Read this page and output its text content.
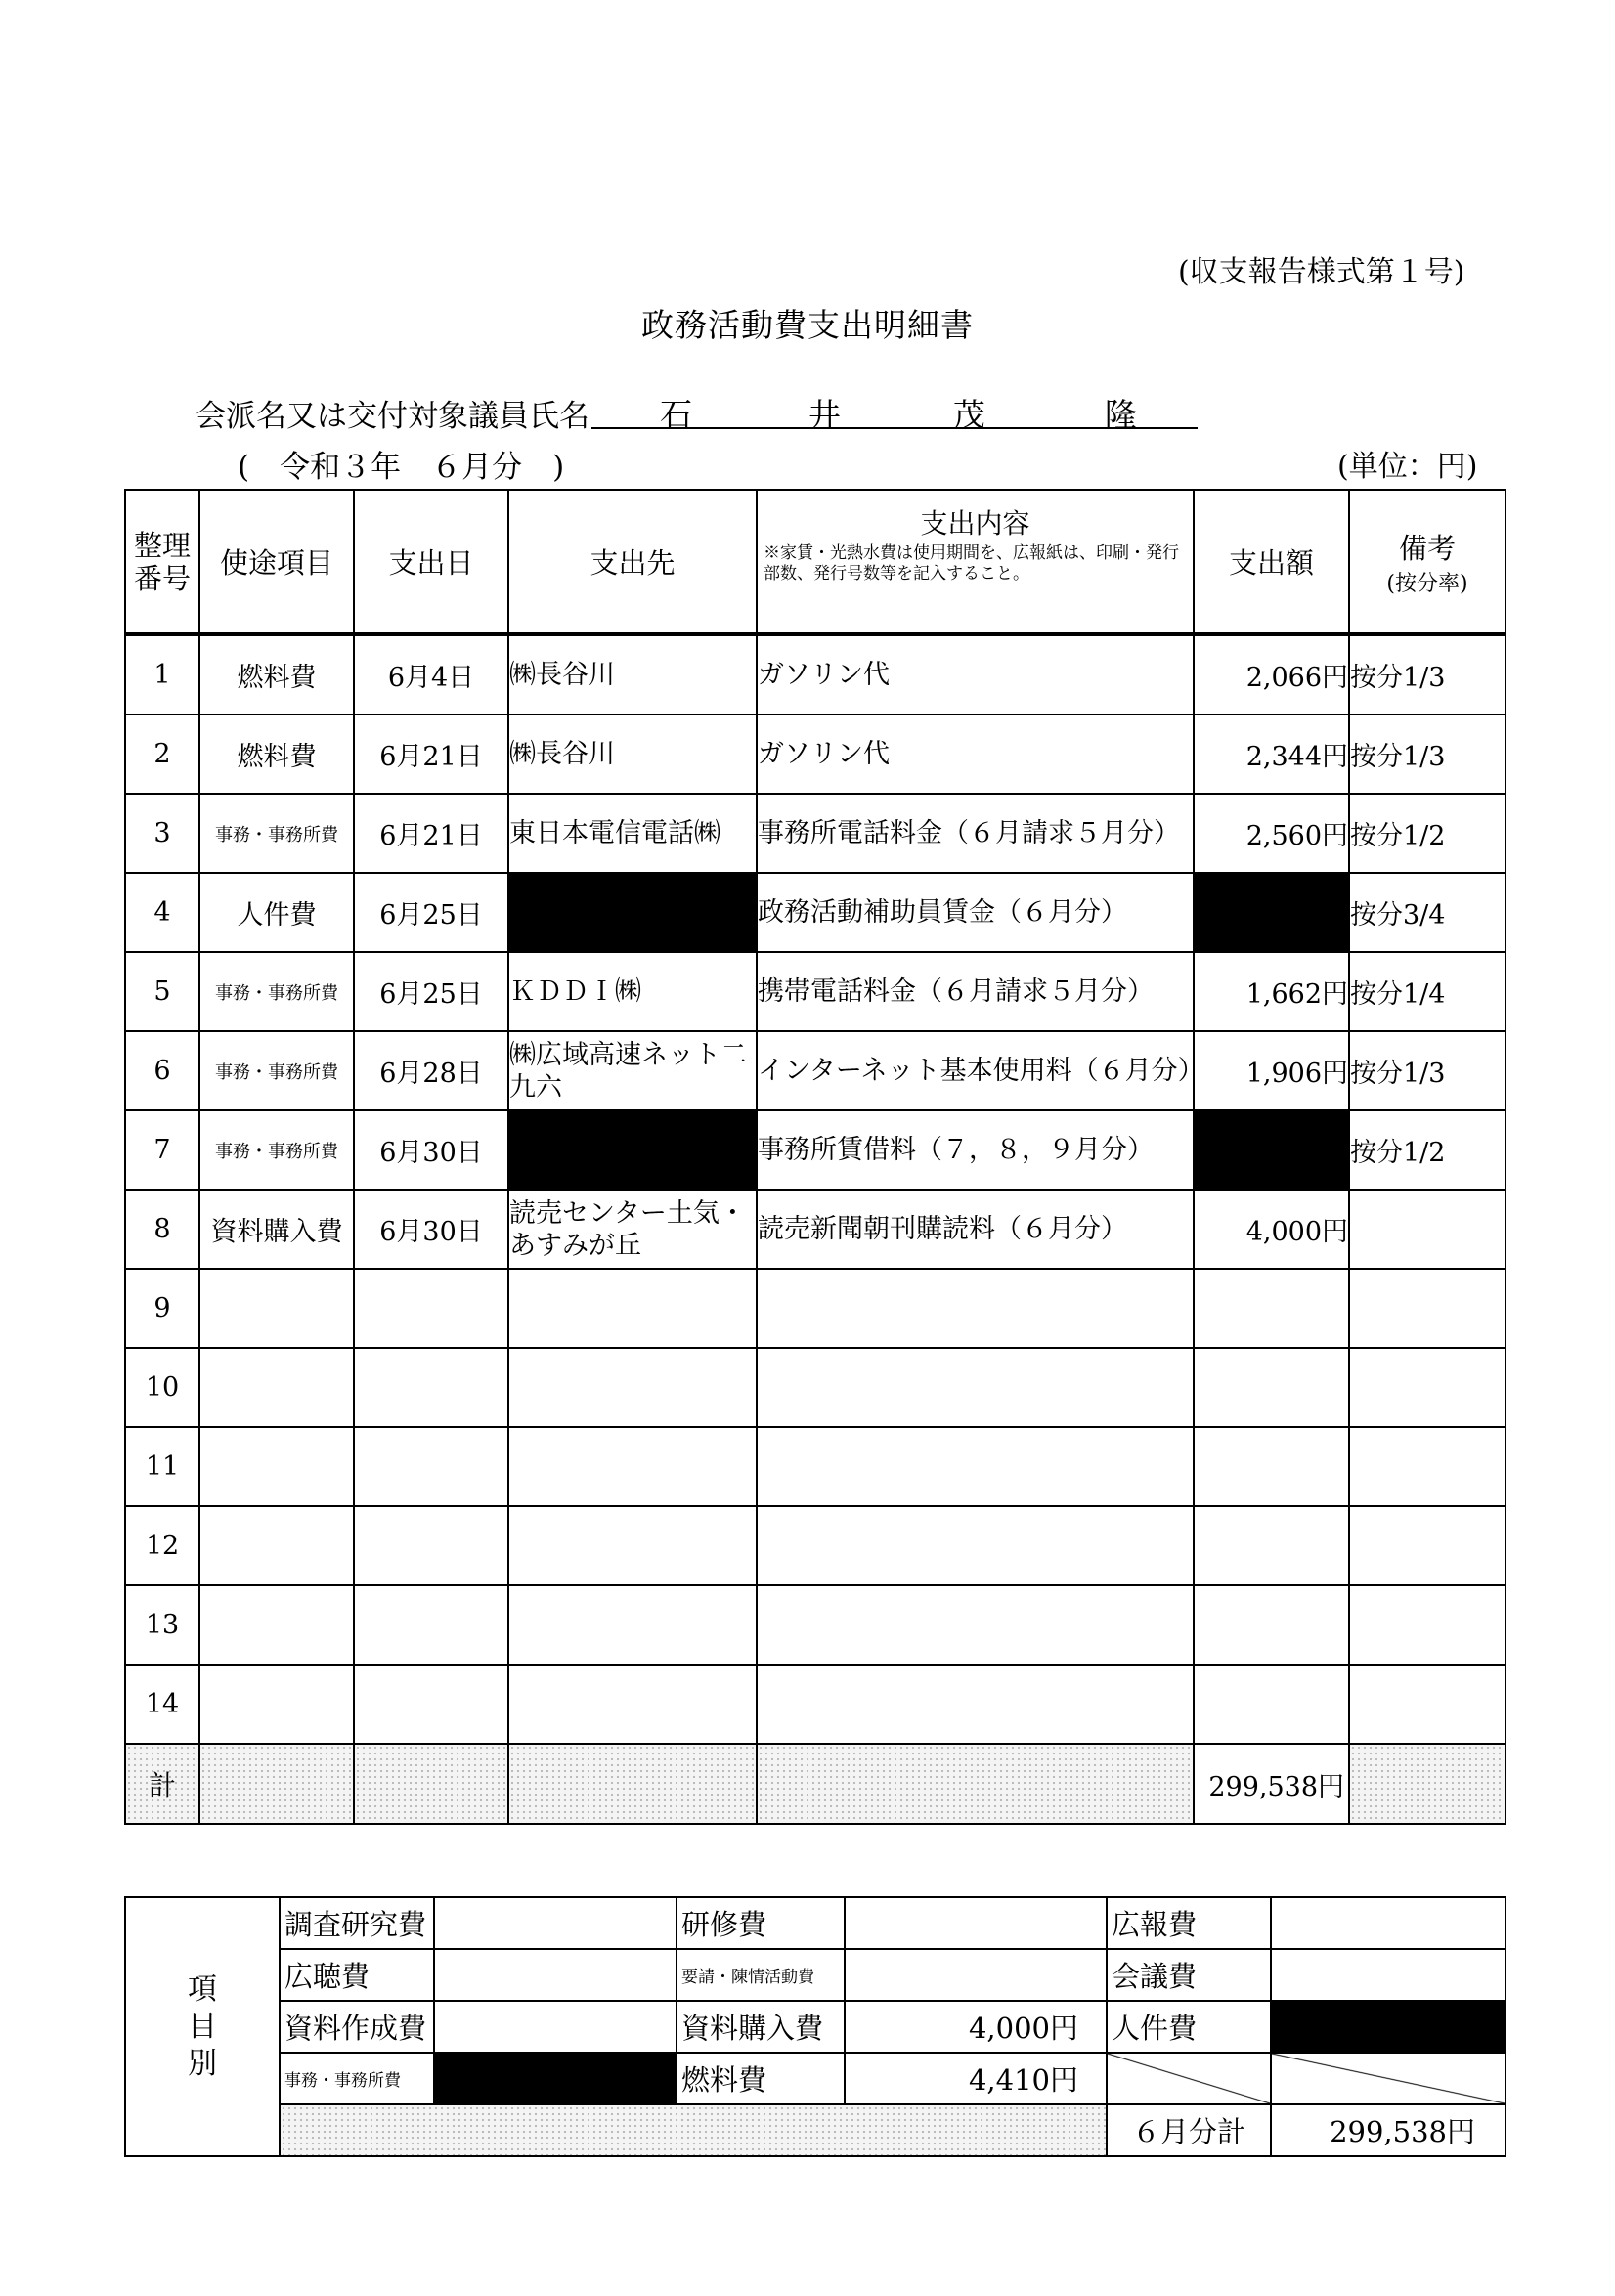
(収支報告様式第１号)
政務活動費支出明細書
会派名又は交付対象議員氏名 石	井	茂	隆
(　令和３年　６月分　)	(単位：円)
整理番号	使途項目	支出日	支出先	支出内容
※家賃・光熱水費は使用期間を、広報紙は、印刷・発行部数、発行号数等を記入すること。	支出額	備考
(按分率)

1	燃料費	6月4日	㈱長谷川	ガソリン代	2,066円	按分1/3
2	燃料費	6月21日	㈱長谷川	ガソリン代	2,344円	按分1/3
3	事務・事務所費	6月21日	東日本電信電話㈱	事務所電話料金（６月請求５月分）	2,560円	按分1/2
4	人件費	6月25日		政務活動補助員賃金（６月分）		按分3/4
5	事務・事務所費	6月25日	ＫＤＤＩ㈱	携帯電話料金（６月請求５月分）	1,662円	按分1/4
6	事務・事務所費	6月28日	㈱広域高速ネット二九六	インターネット基本使用料（６月分）	1,906円	按分1/3
7	事務・事務所費	6月30日		事務所賃借料（７，８，９月分）		按分1/2
8	資料購入費	6月30日	読売センター土気・あすみが丘	読売新聞朝刊購読料（６月分）	4,000円	
9						
10						
11						
12						
13						
14						
計					299,538円	
項
目
別	調査研究費		研修費		広報費	
	広聴費		要請・陳情活動費		会議費	
	資料作成費		資料購入費	4,000円	人件費	
	事務・事務所費		燃料費	4,410円		
					６月分計	299,538円
